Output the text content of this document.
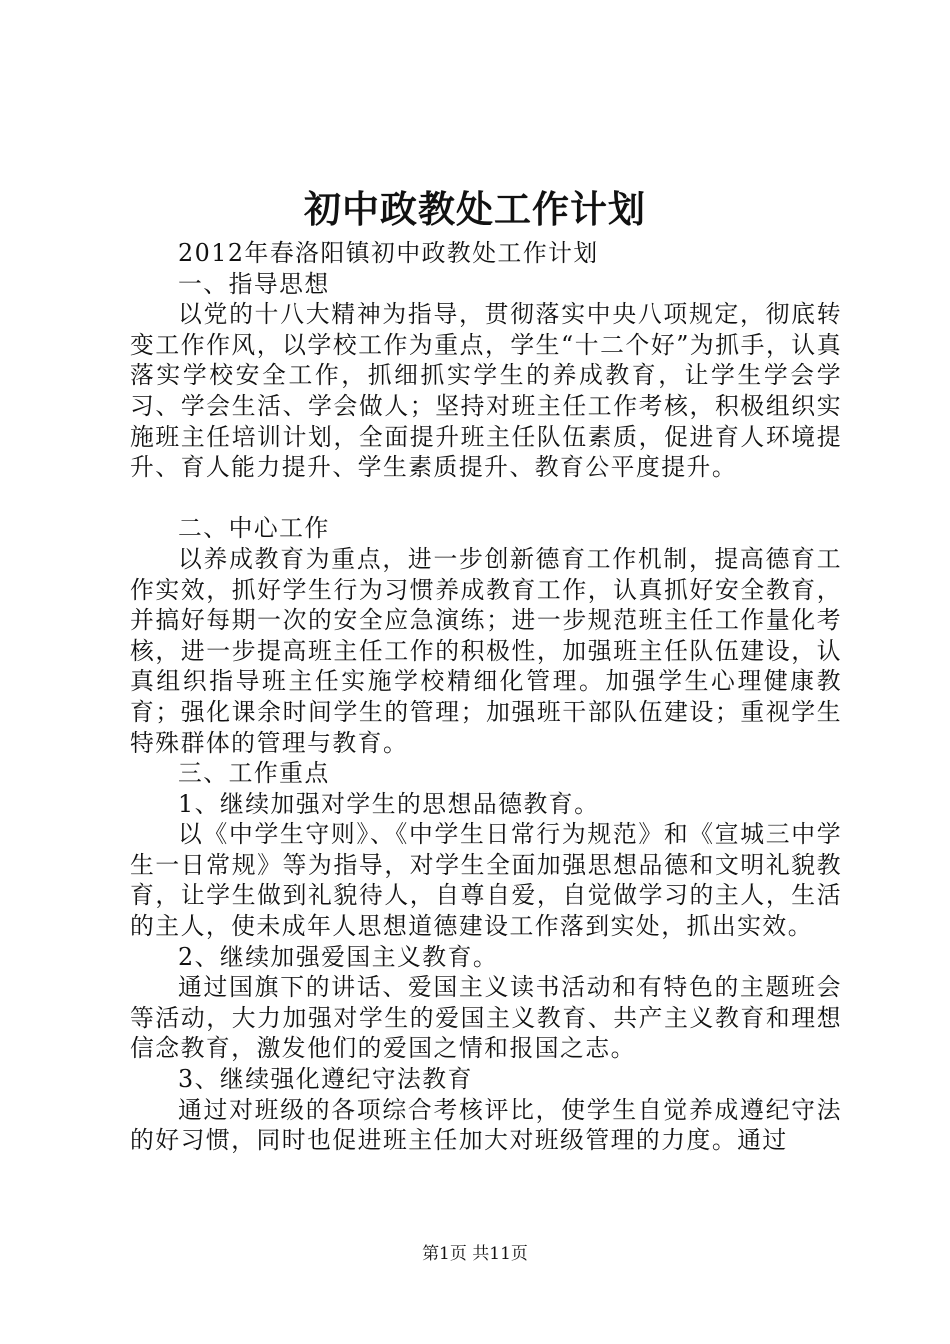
初中政教处工作计划

2012年春洛阳镇初中政教处工作计划

一、指导思想

以党的十八大精神为指导，贯彻落实中央八项规定，彻底转变工作作风，以学校工作为重点，学生“十二个好”为抓手，认真落实学校安全工作，抓细抓实学生的养成教育，让学生学会学习、学会生活、学会做人；坚持对班主任工作考核，积极组织实施班主任培训计划，全面提升班主任队伍素质，促进育人环境提升、育人能力提升、学生素质提升、教育公平度提升。

二、中心工作

以养成教育为重点，进一步创新德育工作机制，提高德育工作实效，抓好学生行为习惯养成教育工作，认真抓好安全教育，并搞好每期一次的安全应急演练；进一步规范班主任工作量化考核，进一步提高班主任工作的积极性，加强班主任队伍建设，认真组织指导班主任实施学校精细化管理。加强学生心理健康教育；强化课余时间学生的管理；加强班干部队伍建设；重视学生特殊群体的管理与教育。

三、工作重点

1、继续加强对学生的思想品德教育。

以《中学生守则》、《中学生日常行为规范》和《宣城三中学生一日常规》等为指导，对学生全面加强思想品德和文明礼貌教育，让学生做到礼貌待人，自尊自爱，自觉做学习的主人，生活的主人，使未成年人思想道德建设工作落到实处，抓出实效。

2、继续加强爱国主义教育。

通过国旗下的讲话、爱国主义读书活动和有特色的主题班会等活动，大力加强对学生的爱国主义教育、共产主义教育和理想信念教育，激发他们的爱国之情和报国之志。

3、继续强化遵纪守法教育

通过对班级的各项综合考核评比，使学生自觉养成遵纪守法的好习惯，同时也促进班主任加大对班级管理的力度。通过

第1页 共11页
